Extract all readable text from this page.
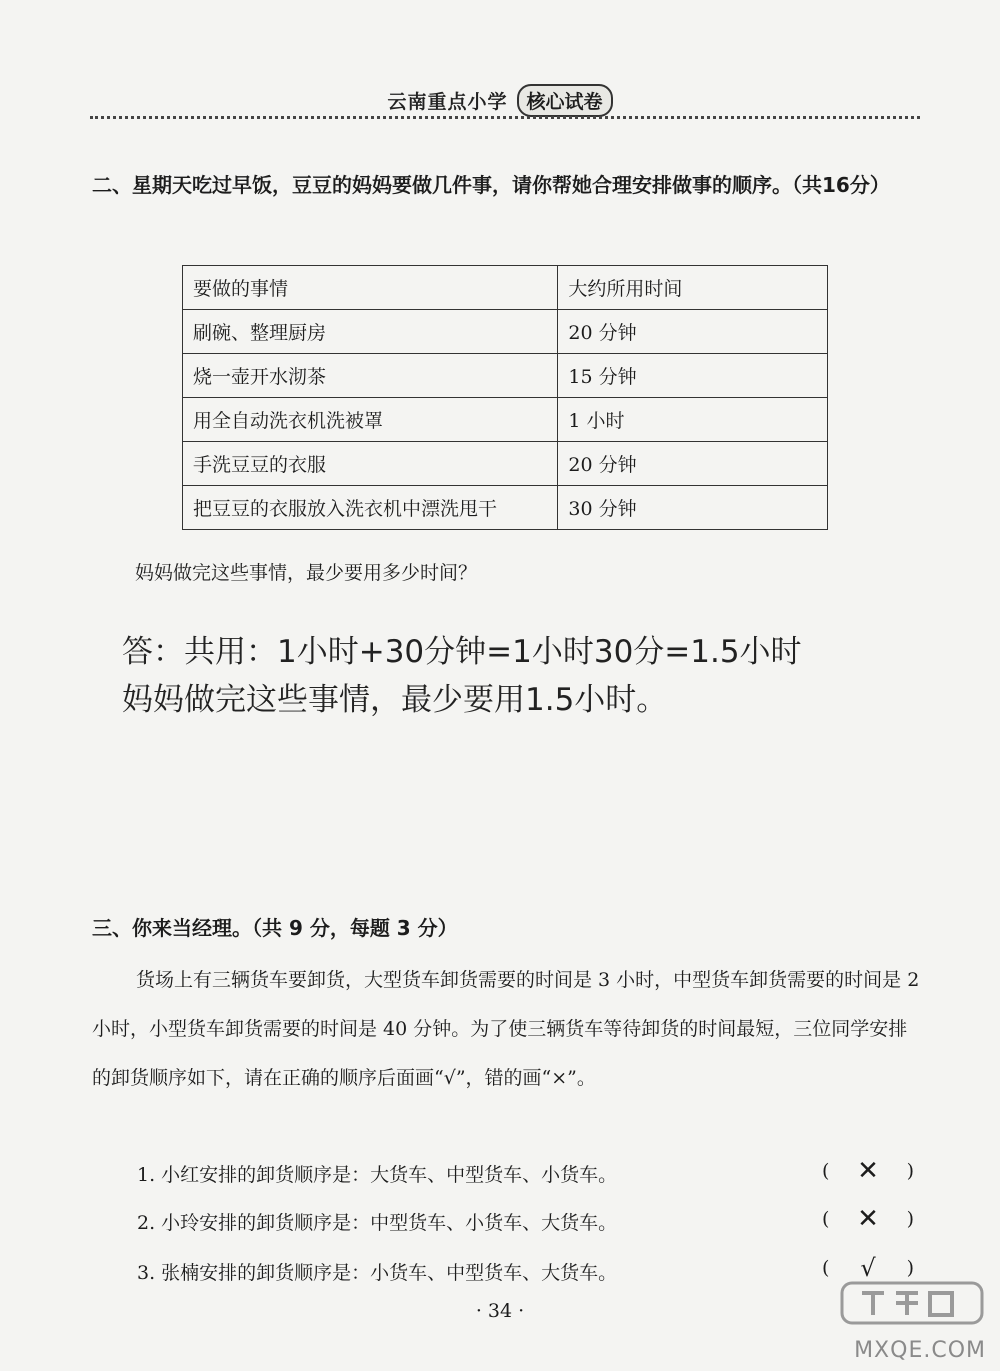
云南重点小学 核心试卷
二、星期天吃过早饭，豆豆的妈妈要做几件事，请你帮她合理安排做事的顺序。（共16分）
要做的事情	大约所用时间
刷碗、整理厨房	20 分钟
烧一壶开水沏茶	15 分钟
用全自动洗衣机洗被罩	1 小时
手洗豆豆的衣服	20 分钟
把豆豆的衣服放入洗衣机中漂洗甩干	30 分钟
妈妈做完这些事情，最少要用多少时间？
答：共用：1小时+30分钟=1小时30分=1.5小时
妈妈做完这些事情，最少要用1.5小时。
三、你来当经理。（共 9 分，每题 3 分）
货场上有三辆货车要卸货，大型货车卸货需要的时间是 3 小时，中型货车卸货需要的时间是 2 小时，小型货车卸货需要的时间是 40 分钟。为了使三辆货车等待卸货的时间最短，三位同学安排的卸货顺序如下，请在正确的顺序后面画“√”，错的画“×”。
1. 小红安排的卸货顺序是：大货车、中型货车、小货车。	( ✕ )
2. 小玲安排的卸货顺序是：中型货车、小货车、大货车。	( ✕ )
3. 张楠安排的卸货顺序是：小货车、中型货车、大货车。	( √ )
· 34 ·
MXQE.COM
